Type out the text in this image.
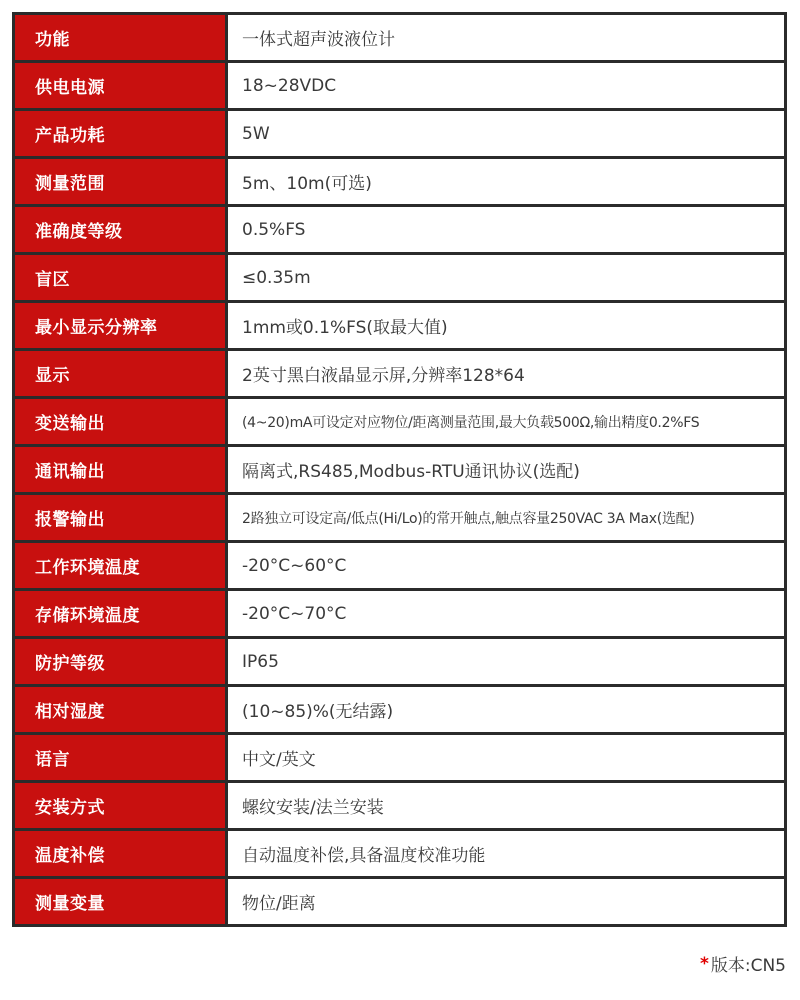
功能	一体式超声波液位计
供电电源	18~28VDC
产品功耗	5W
测量范围	5m、10m(可选)
准确度等级	0.5%FS
盲区	≤0.35m
最小显示分辨率	1mm或0.1%FS(取最大值)
显示	2英寸黑白液晶显示屏,分辨率128*64
变送输出	(4~20)mA可设定对应物位/距离测量范围,最大负载500Ω,输出精度0.2%FS
通讯输出	隔离式,RS485,Modbus-RTU通讯协议(选配)
报警输出	2路独立可设定高/低点(Hi/Lo)的常开触点,触点容量250VAC 3A Max(选配)
工作环境温度	-20°C~60°C
存储环境温度	-20°C~70°C
防护等级	IP65
相对湿度	(10~85)%(无结露)
语言	中文/英文
安装方式	螺纹安装/法兰安装
温度补偿	自动温度补偿,具备温度校准功能
测量变量	物位/距离
* 版本:CN5
